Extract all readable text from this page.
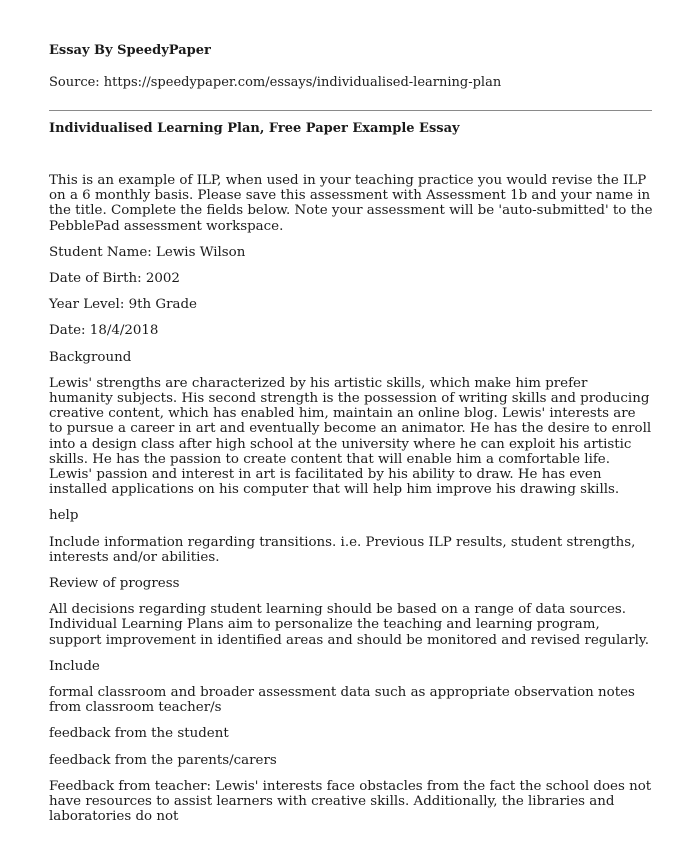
Essay By SpeedyPaper

Source: https://speedypaper.com/essays/individualised-learning-plan

Individualised Learning Plan, Free Paper Example Essay

This is an example of ILP, when used in your teaching practice you would revise the ILP on a 6 monthly basis. Please save this assessment with Assessment 1b and your name in the title. Complete the fields below. Note your assessment will be 'auto-submitted' to the PebblePad assessment workspace.

Student Name: Lewis Wilson

Date of Birth: 2002

Year Level: 9th Grade

Date: 18/4/2018

Background

Lewis' strengths are characterized by his artistic skills, which make him prefer humanity subjects. His second strength is the possession of writing skills and producing creative content, which has enabled him, maintain an online blog. Lewis' interests are to pursue a career in art and eventually become an animator. He has the desire to enroll into a design class after high school at the university where he can exploit his artistic skills. He has the passion to create content that will enable him a comfortable life. Lewis' passion and interest in art is facilitated by his ability to draw. He has even installed applications on his computer that will help him improve his drawing skills.

help

Include information regarding transitions. i.e. Previous ILP results, student strengths, interests and/or abilities.

Review of progress

All decisions regarding student learning should be based on a range of data sources. Individual Learning Plans aim to personalize the teaching and learning program, support improvement in identified areas and should be monitored and revised regularly.

Include

formal classroom and broader assessment data such as appropriate observation notes from classroom teacher/s

feedback from the student

feedback from the parents/carers

Feedback from teacher: Lewis' interests face obstacles from the fact the school does not have resources to assist learners with creative skills. Additionally, the libraries and laboratories do not
